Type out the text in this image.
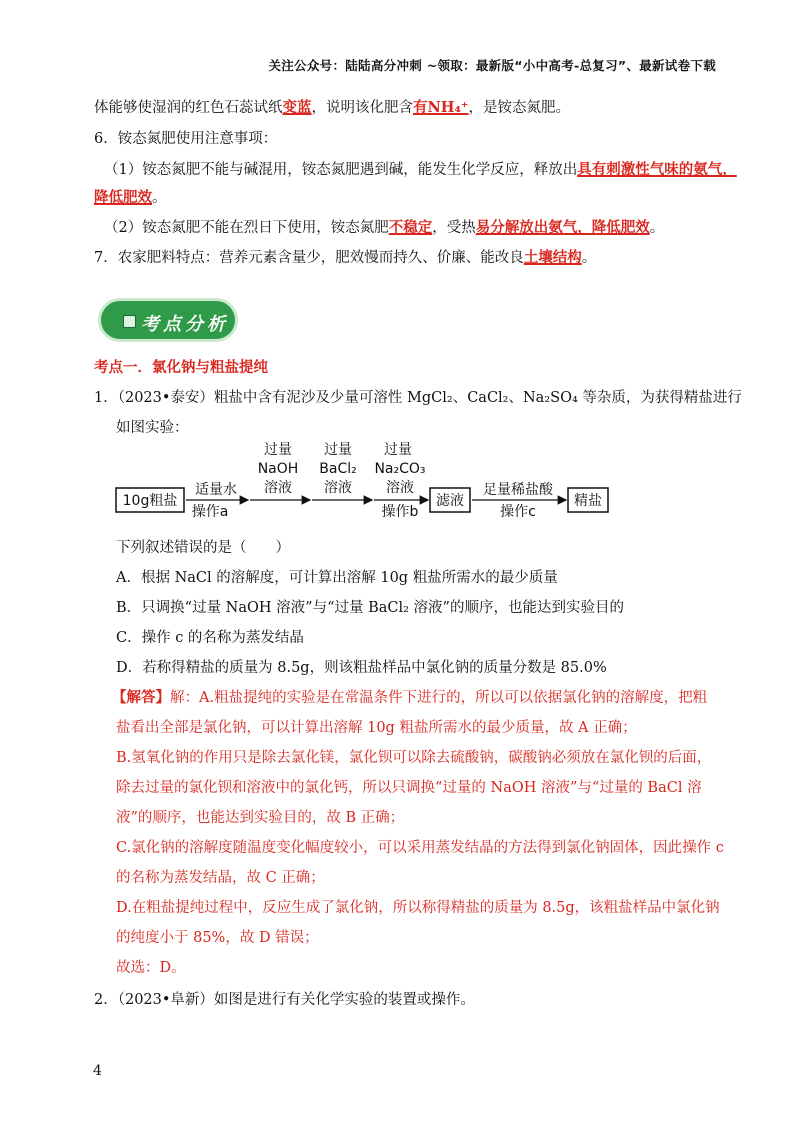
关注公众号：陆陆高分冲刺 ~领取：最新版“小中高考-总复习”、最新试卷下载
体能够使湿润的红色石蕊试纸变蓝，说明该化肥含有NH₄⁺，是铵态氮肥。
6．铵态氮肥使用注意事项：
（1）铵态氮肥不能与碱混用，铵态氮肥遇到碱，能发生化学反应，释放出具有刺激性气味的氨气，
降低肥效。
（2）铵态氮肥不能在烈日下使用，铵态氮肥不稳定，受热易分解放出氨气，降低肥效。
7．农家肥料特点：营养元素含量少，肥效慢而持久、价廉、能改良土壤结构。
考点分析
考点一．氯化钠与粗盐提纯
1．（2023•泰安）粗盐中含有泥沙及少量可溶性 MgCl₂、CaCl₂、Na₂SO₄ 等杂质，为获得精盐进行
如图实验：
10g粗盐
适量水
操作a
过量
NaOH
溶液
过量
BaCl₂
溶液
过量
Na₂CO₃
溶液
操作b
滤液
足量稀盐酸
操作c
精盐
下列叙述错误的是（　　）
A．根据 NaCl 的溶解度，可计算出溶解 10g 粗盐所需水的最少质量
B．只调换“过量 NaOH 溶液”与“过量 BaCl₂ 溶液”的顺序，也能达到实验目的
C．操作 c 的名称为蒸发结晶
D．若称得精盐的质量为 8.5g，则该粗盐样品中氯化钠的质量分数是 85.0%
【解答】解：A.粗盐提纯的实验是在常温条件下进行的，所以可以依据氯化钠的溶解度，把粗
盐看出全部是氯化钠，可以计算出溶解 10g 粗盐所需水的最少质量，故 A 正确；
B.氢氧化钠的作用只是除去氯化镁，氯化钡可以除去硫酸钠，碳酸钠必须放在氯化钡的后面，
除去过量的氯化钡和溶液中的氯化钙，所以只调换“过量的 NaOH 溶液”与“过量的 BaCl 溶
液”的顺序，也能达到实验目的，故 B 正确；
C.氯化钠的溶解度随温度变化幅度较小，可以采用蒸发结晶的方法得到氯化钠固体，因此操作 c
的名称为蒸发结晶，故 C 正确；
D.在粗盐提纯过程中，反应生成了氯化钠，所以称得精盐的质量为 8.5g，该粗盐样品中氯化钠
的纯度小于 85%，故 D 错误；
故选：D。
2．（2023•阜新）如图是进行有关化学实验的装置或操作。
4
